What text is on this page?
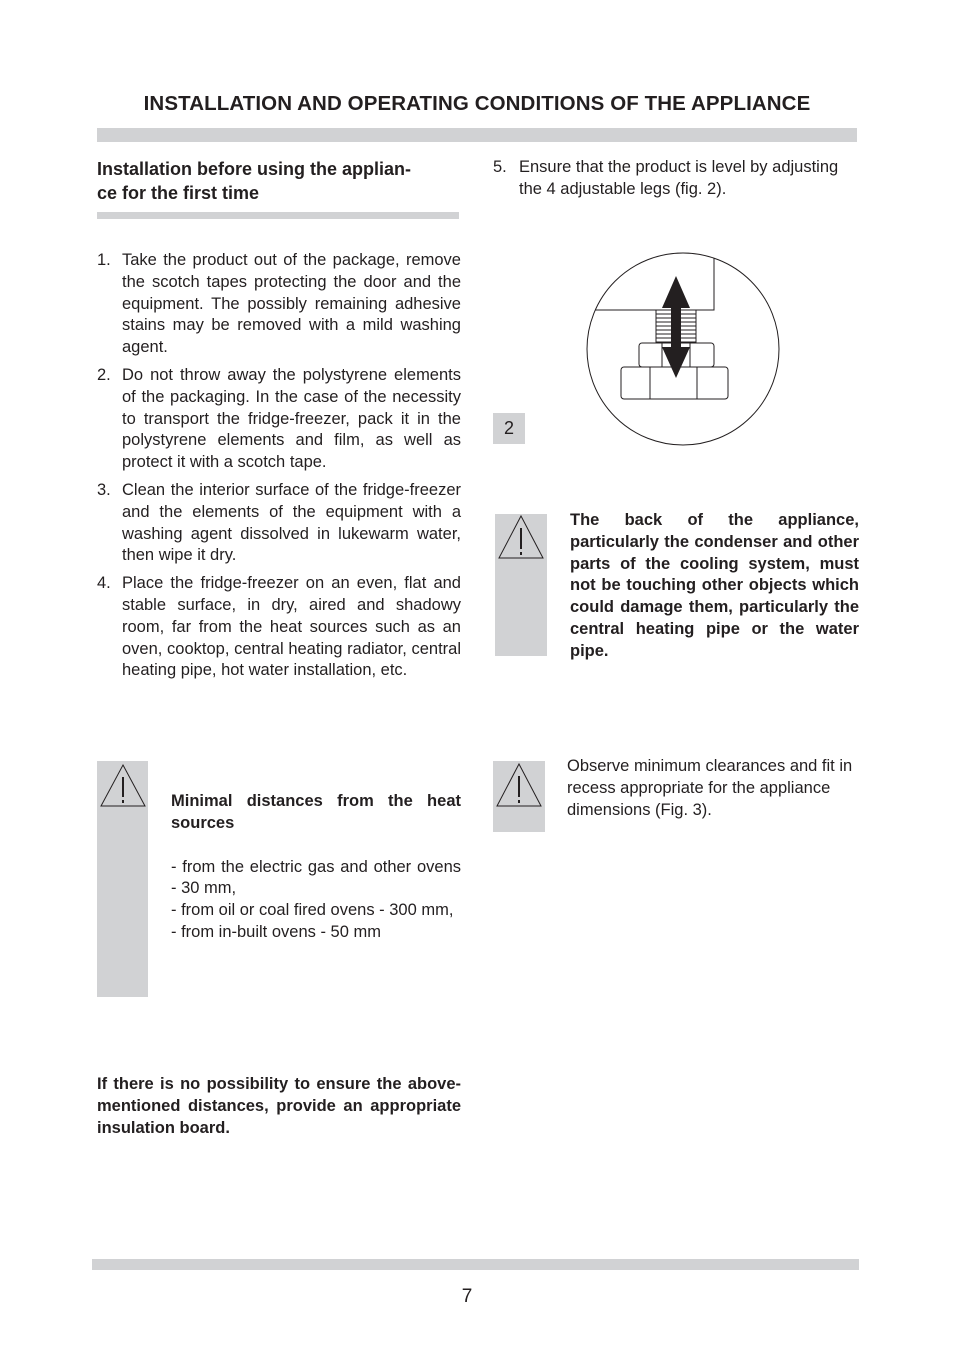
INSTALLATION AND OPERATING CONDITIONS OF THE APPLIANCE
Installation before using the applian-
ce for the first time
1. Take the product out of the package, remove the scotch tapes protecting the door and the equipment. The possibly remaining adhesive stains may be removed with a mild washing agent.
2. Do not throw away the polystyrene elements of the packaging. In the case of the necessity to transport the fridge-freezer, pack it in the polystyrene elements and film, as well as protect it with a scotch tape.
3. Clean the interior surface of the fridge-freezer and the elements of the equipment with a washing agent dissolved in lukewarm water, then wipe it dry.
4. Place the fridge-freezer on an even, flat and stable surface, in dry, aired and shadowy room, far from the heat sources such as an oven, cooktop, central heating radiator, central heating pipe, hot water installation, etc.
Minimal distances from the heat sources
- from the electric gas and other ovens - 30 mm,
- from oil or coal fired ovens - 300 mm,
- from in-built ovens - 50 mm
If there is no possibility to ensure the above-mentioned distances, provide an appropriate insulation board.
5. Ensure that the product is level by adjusting the 4 adjustable legs (fig. 2).
2
The back of the appliance, particularly the condenser and other parts of the cooling system, must not be touching other objects which could damage them, particularly the central heating pipe or the water pipe.
Observe minimum clearances and fit in recess appropriate for the appliance dimensions (Fig. 3).
7
